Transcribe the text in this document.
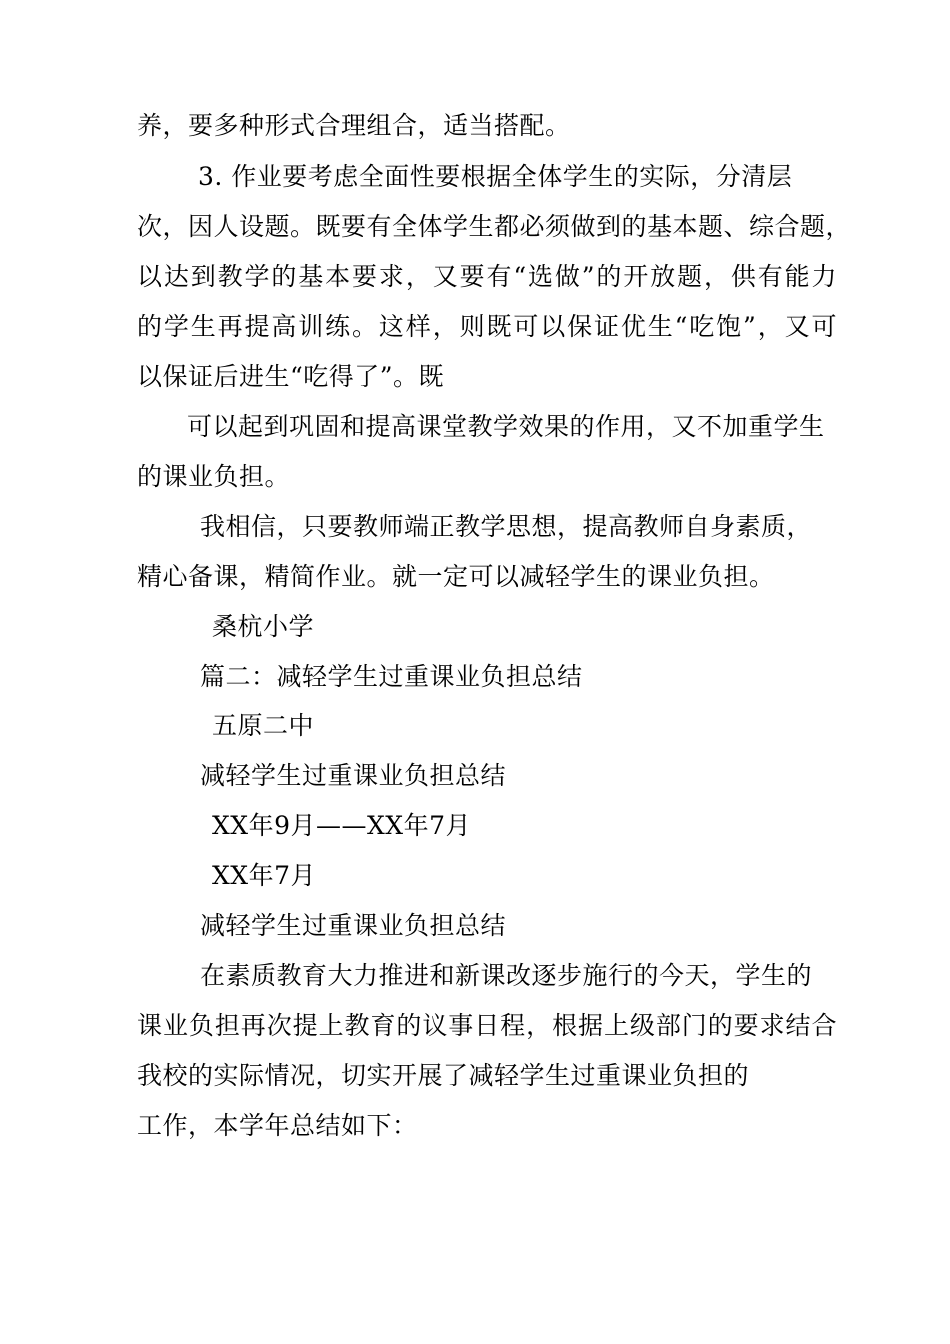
养，要多种形式合理组合，适当搭配。
3. 作业要考虑全面性要根据全体学生的实际，分清层
次，因人设题。既要有全体学生都必须做到的基本题、综合题，
以达到教学的基本要求，又要有“选做”的开放题，供有能力
的学生再提高训练。这样，则既可以保证优生“吃饱”，又可
以保证后进生“吃得了”。既
可以起到巩固和提高课堂教学效果的作用，又不加重学生
的课业负担。
我相信，只要教师端正教学思想，提高教师自身素质，
精心备课，精简作业。就一定可以减轻学生的课业负担。
桑杭小学
篇二：减轻学生过重课业负担总结
五原二中
减轻学生过重课业负担总结
XX年9月——XX年7月
XX年7月
减轻学生过重课业负担总结
在素质教育大力推进和新课改逐步施行的今天，学生的
课业负担再次提上教育的议事日程，根据上级部门的要求结合
我校的实际情况，切实开展了减轻学生过重课业负担的
工作，本学年总结如下：
